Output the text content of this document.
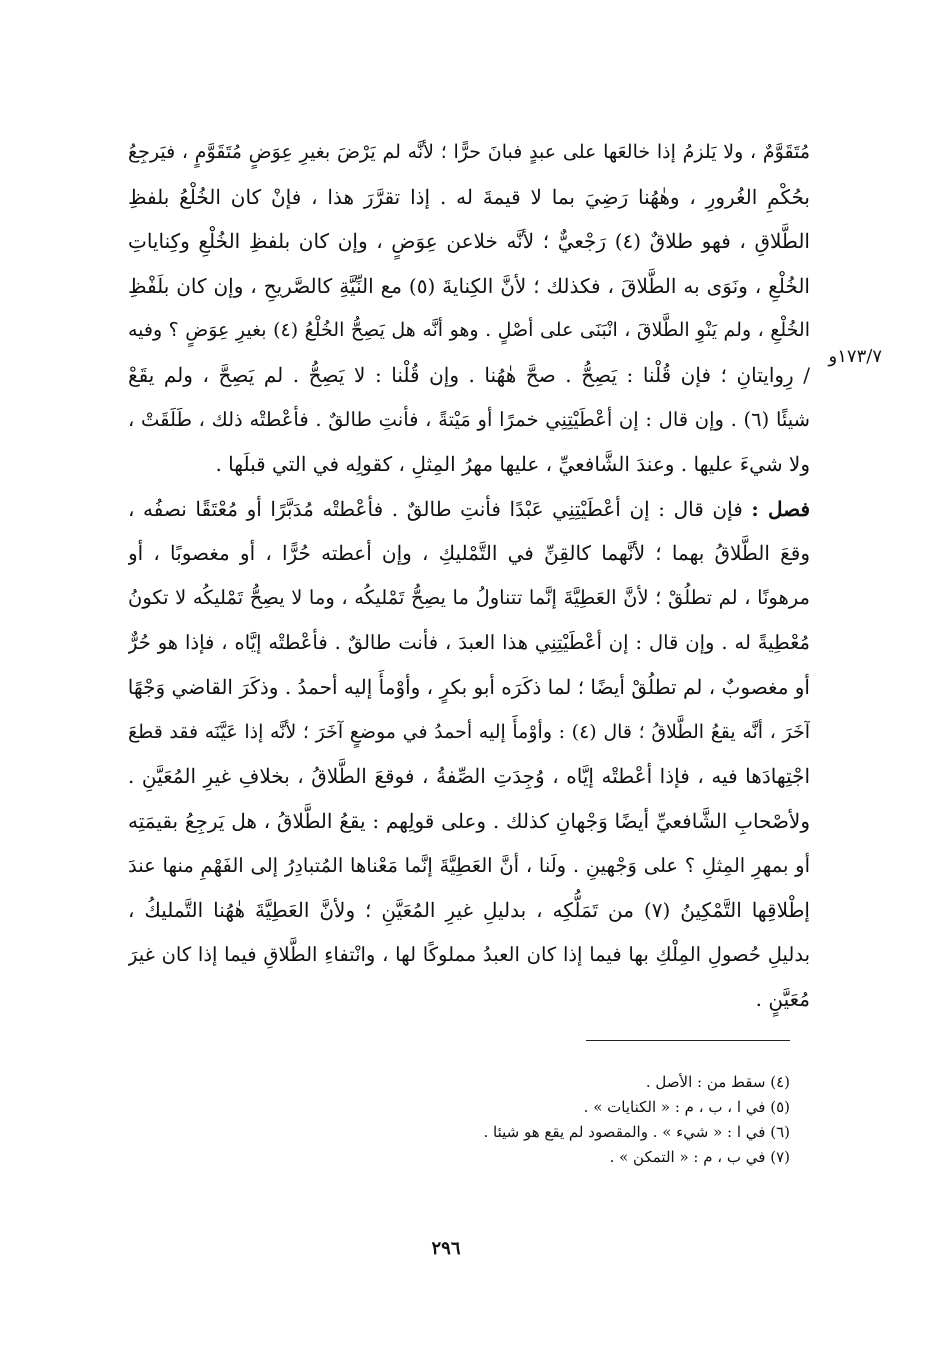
مُتَقَوَّمٌ ، ولا يَلزمُ إذا خالعَها على عبدٍ فبانَ حرًّا ؛ لأنَّه لم يَرْضَ بغيرِ عِوَضٍ مُتَقَوَّمٍ ، فيَرجِعُ
بحُكْمِ الغُرورِ ، وهٰهُنا رَضِيَ بما لا قيمةَ له . إذا تقرَّرَ هذا ، فإنْ كان الخُلْعُ بلفظِ
الطَّلاقِ ، فهو طلاقٌ (٤) رَجْعيٌّ ؛ لأنَّه خلاعن عِوَضٍ ، وإن كان بلفظِ الخُلْعِ وكِناياتِ
الخُلْعِ ، ونَوَى به الطَّلاقَ ، فكذلك ؛ لأنَّ الكِنايةَ (٥) مع النِّيَّةِ كالصَّريحِ ، وإن كان بلَفْظِ
الخُلْعِ ، ولم يَنْوِ الطَّلاقَ ، انْبَنَى على أصْلٍ . وهو أنَّه هل يَصِحُّ الخُلْعُ (٤) بغيرِ عِوَضٍ ؟ وفيه
/ رِوايتانِ ؛ فإن قُلْنا : يَصِحُّ . صحَّ هٰهُنا . وإن قُلْنا : لا يَصِحُّ . لم يَصِحَّ ، ولم يقَعْ
شيئًا (٦) . وإن قال : إن أعْطَيْتِنِي خمرًا أو مَيْتةً ، فأنتِ طالقٌ . فأعْطتْه ذلك ، طَلَقَتْ ،
ولا شيءَ عليها . وعندَ الشَّافعيِّ ، عليها مهرُ المِثلِ ، كقولِه في التي قبلَها .
فصل : فإن قال : إن أعْطَيْتِنِي عَبْدًا فأنتِ طالقٌ . فأعْطتْه مُدَبَّرًا أو مُعْتَقًا نصفُه ،
وقعَ الطَّلاقُ بهما ؛ لأنَّهما كالقِنِّ في التَّمْليكِ ، وإن أعطته حُرًّا ، أو مغصوبًا ، أو
مرهونًا ، لم تطلُقْ ؛ لأنَّ العَطِيَّةَ إنَّما تتناولُ ما يصِحُّ تَمْليكُه ، وما لا يصِحُّ تَمْليكُه لا تكونُ
مُعْطِيةً له . وإن قال : إن أعْطَيْتِنِي هذا العبدَ ، فأنت طالقٌ . فأعْطتْه إيَّاه ، فإذا هو حُرٌّ
أو مغصوبٌ ، لم تطلُقْ أيضًا ؛ لما ذكَرَه أبو بكرٍ ، وأوْمأَ إليه أحمدُ . وذكَرَ القاضي وَجْهًا
آخَرَ ، أنَّه يقعُ الطَّلاقُ ؛ قال (٤) : وأوْمأَ إليه أحمدُ في موضعٍ آخَرَ ؛ لأنَّه إذا عَيَّنَه فقد قطعَ
اجْتِهادَها فيه ، فإذا أعْطتْه إيَّاه ، وُجِدَتِ الصِّفةُ ، فوقعَ الطَّلاقُ ، بخلافِ غيرِ المُعَيَّنِ .
ولأصْحابِ الشَّافعيِّ أيضًا وَجْهانِ كذلك . وعلى قولِهم : يقعُ الطَّلاقُ ، هل يَرجِعُ بقيمَتِه
أو بمهرِ المِثلِ ؟ على وَجْهينِ . ولَنا ، أنَّ العَطِيَّةَ إنَّما مَعْناها المُتبادِرُ إلى الفَهْمِ منها عندَ
إطْلاقِها التَّمْكِينُ (٧) من تَمَلُّكِه ، بدليلِ غيرِ المُعَيَّنِ ؛ ولأنَّ العَطِيَّةَ هٰهُنا التَّمليكُ ،
بدليلِ حُصولِ المِلْكِ بها فيما إذا كان العبدُ مملوكًا لها ، وانْتفاءِ الطَّلاقِ فيما إذا كان غيرَ
مُعَيَّنٍ .
١٧٣/٧و
(٤) سقط من : الأصل .
(٥) في ا ، ب ، م : « الكنايات » .
(٦) في ا : « شيء » . والمقصود لم يقع هو شيئا .
(٧) في ب ، م : « التمكن » .
٢٩٦
